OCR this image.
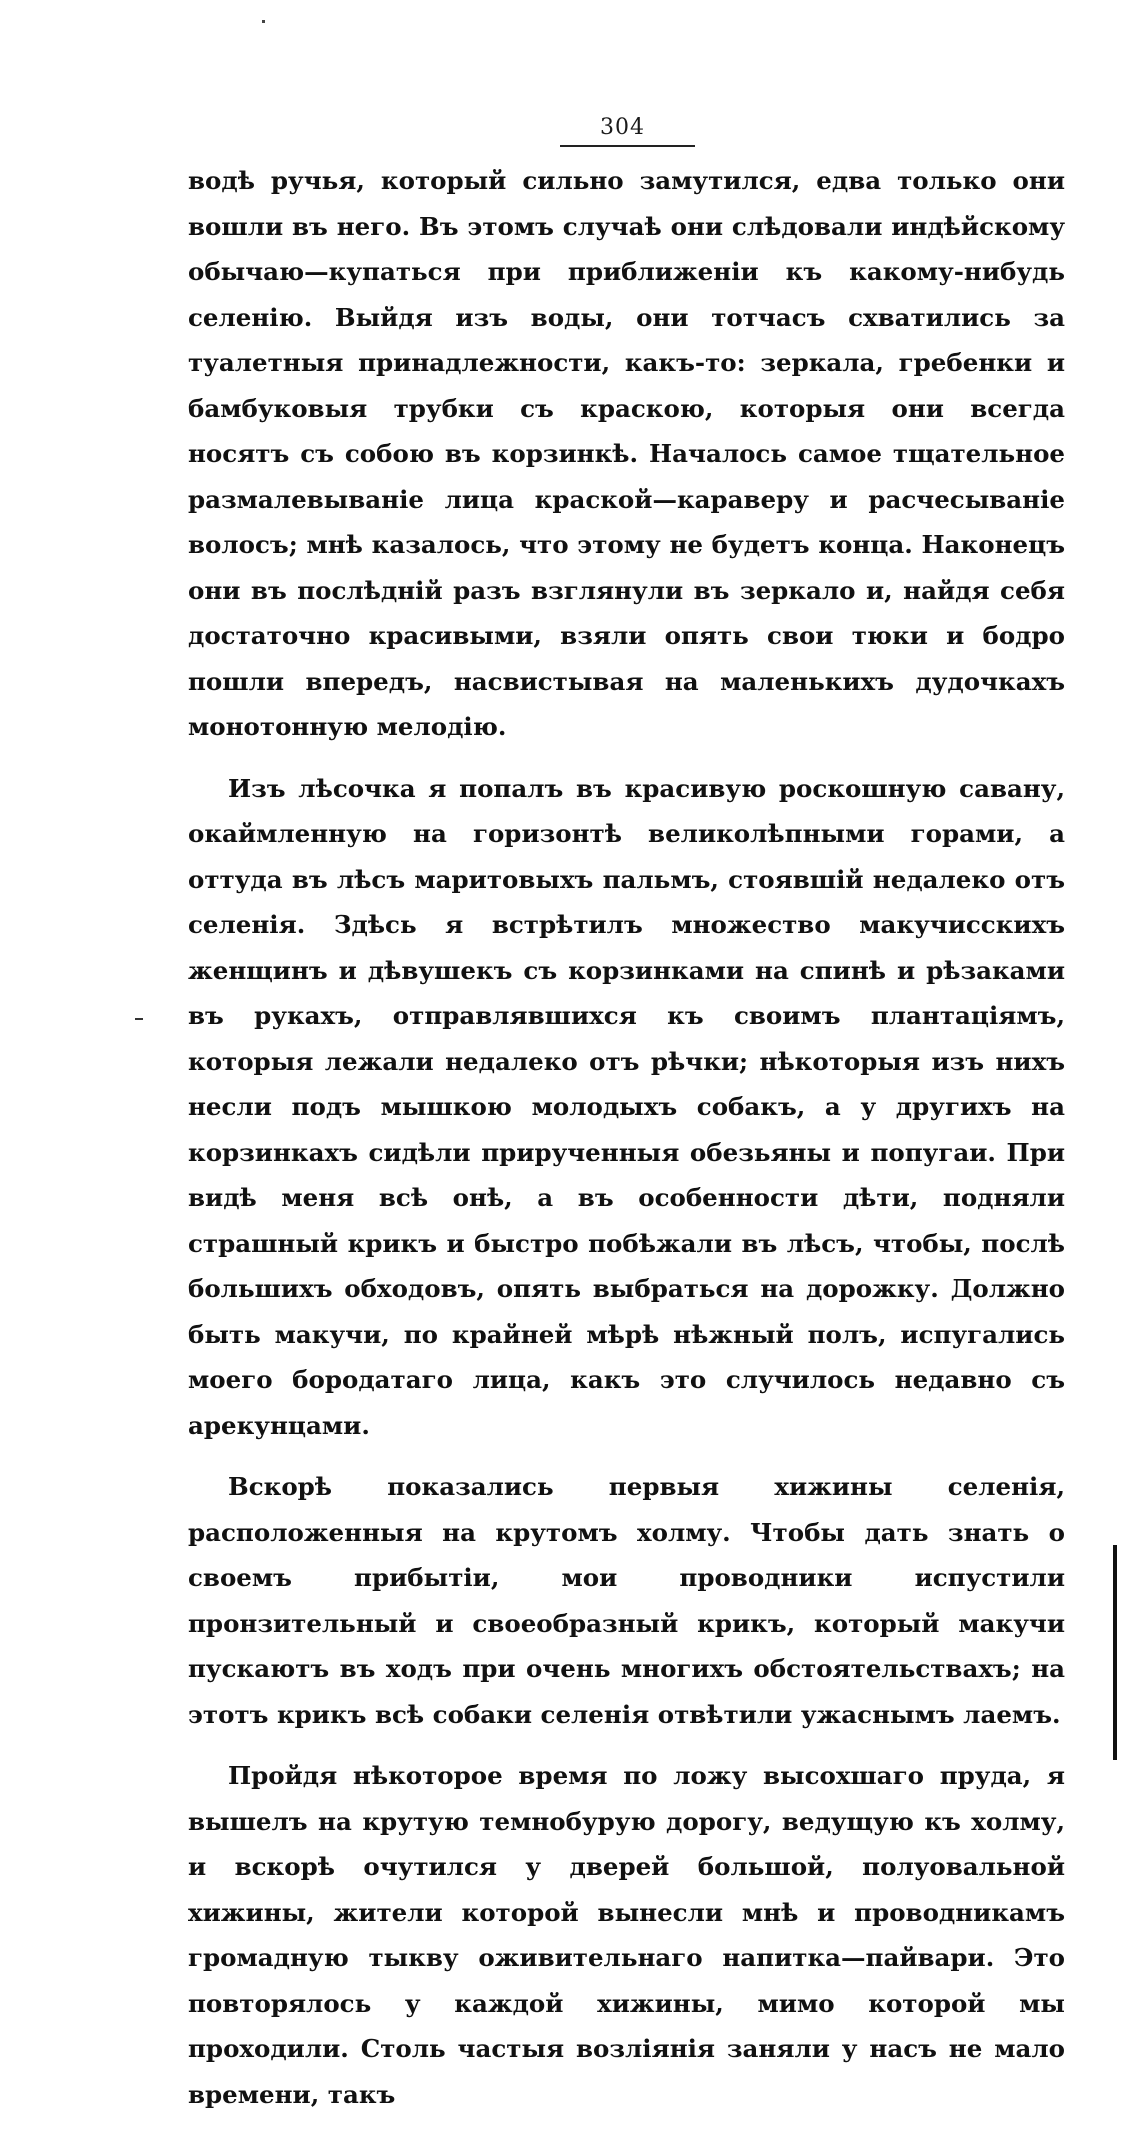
304

водѣ ручья, который сильно замутился, едва только они вошли въ него. Въ этомъ случаѣ они слѣдовали индѣйскому обычаю—купаться при приближеніи къ какому-нибудь селенію. Выйдя изъ воды, они тотчасъ схватились за туалетныя принадлежности, какъ-то: зеркала, гребенки и бамбуковыя трубки съ краскою, которыя они всегда носятъ съ собою въ корзинкѣ. Началось самое тщательное размалевываніе лица краской—караверу и расчесываніе волосъ; мнѣ казалось, что этому не будетъ конца. Наконецъ они въ послѣдній разъ взглянули въ зеркало и, найдя себя достаточно красивыми, взяли опять свои тюки и бодро пошли впередъ, насвистывая на маленькихъ дудочкахъ монотонную мелодію.

Изъ лѣсочка я попалъ въ красивую роскошную савану, окаймленную на горизонтѣ великолѣпными горами, а оттуда въ лѣсъ маритовыхъ пальмъ, стоявшій недалеко отъ селенія. Здѣсь я встрѣтилъ множество макучисскихъ женщинъ и дѣвушекъ съ корзинками на спинѣ и рѣзаками въ рукахъ, отправлявшихся къ своимъ плантаціямъ, которыя лежали недалеко отъ рѣчки; нѣкоторыя изъ нихъ несли подъ мышкою молодыхъ собакъ, а у другихъ на корзинкахъ сидѣли прирученныя обезьяны и попугаи. При видѣ меня всѣ онѣ, а въ особенности дѣти, подняли страшный крикъ и быстро побѣжали въ лѣсъ, чтобы, послѣ большихъ обходовъ, опять выбраться на дорожку. Должно быть макучи, по крайней мѣрѣ нѣжный полъ, испугались моего бородатаго лица, какъ это случилось недавно съ арекунцами.

Вскорѣ показались первыя хижины селенія, расположенныя на крутомъ холму. Чтобы дать знать о своемъ прибытіи, мои проводники испустили пронзительный и своеобразный крикъ, который макучи пускаютъ въ ходъ при очень многихъ обстоятельствахъ; на этотъ крикъ всѣ собаки селенія отвѣтили ужаснымъ лаемъ.

Пройдя нѣкоторое время по ложу высохшаго пруда, я вышелъ на крутую темнобурую дорогу, ведущую къ холму, и вскорѣ очутился у дверей большой, полуовальной хижины, жители которой вынесли мнѣ и проводникамъ громадную тыкву оживительнаго напитка—пайвари. Это повторялось у каждой хижины, мимо которой мы проходили. Столь частыя возліянія заняли у насъ не мало времени, такъ
